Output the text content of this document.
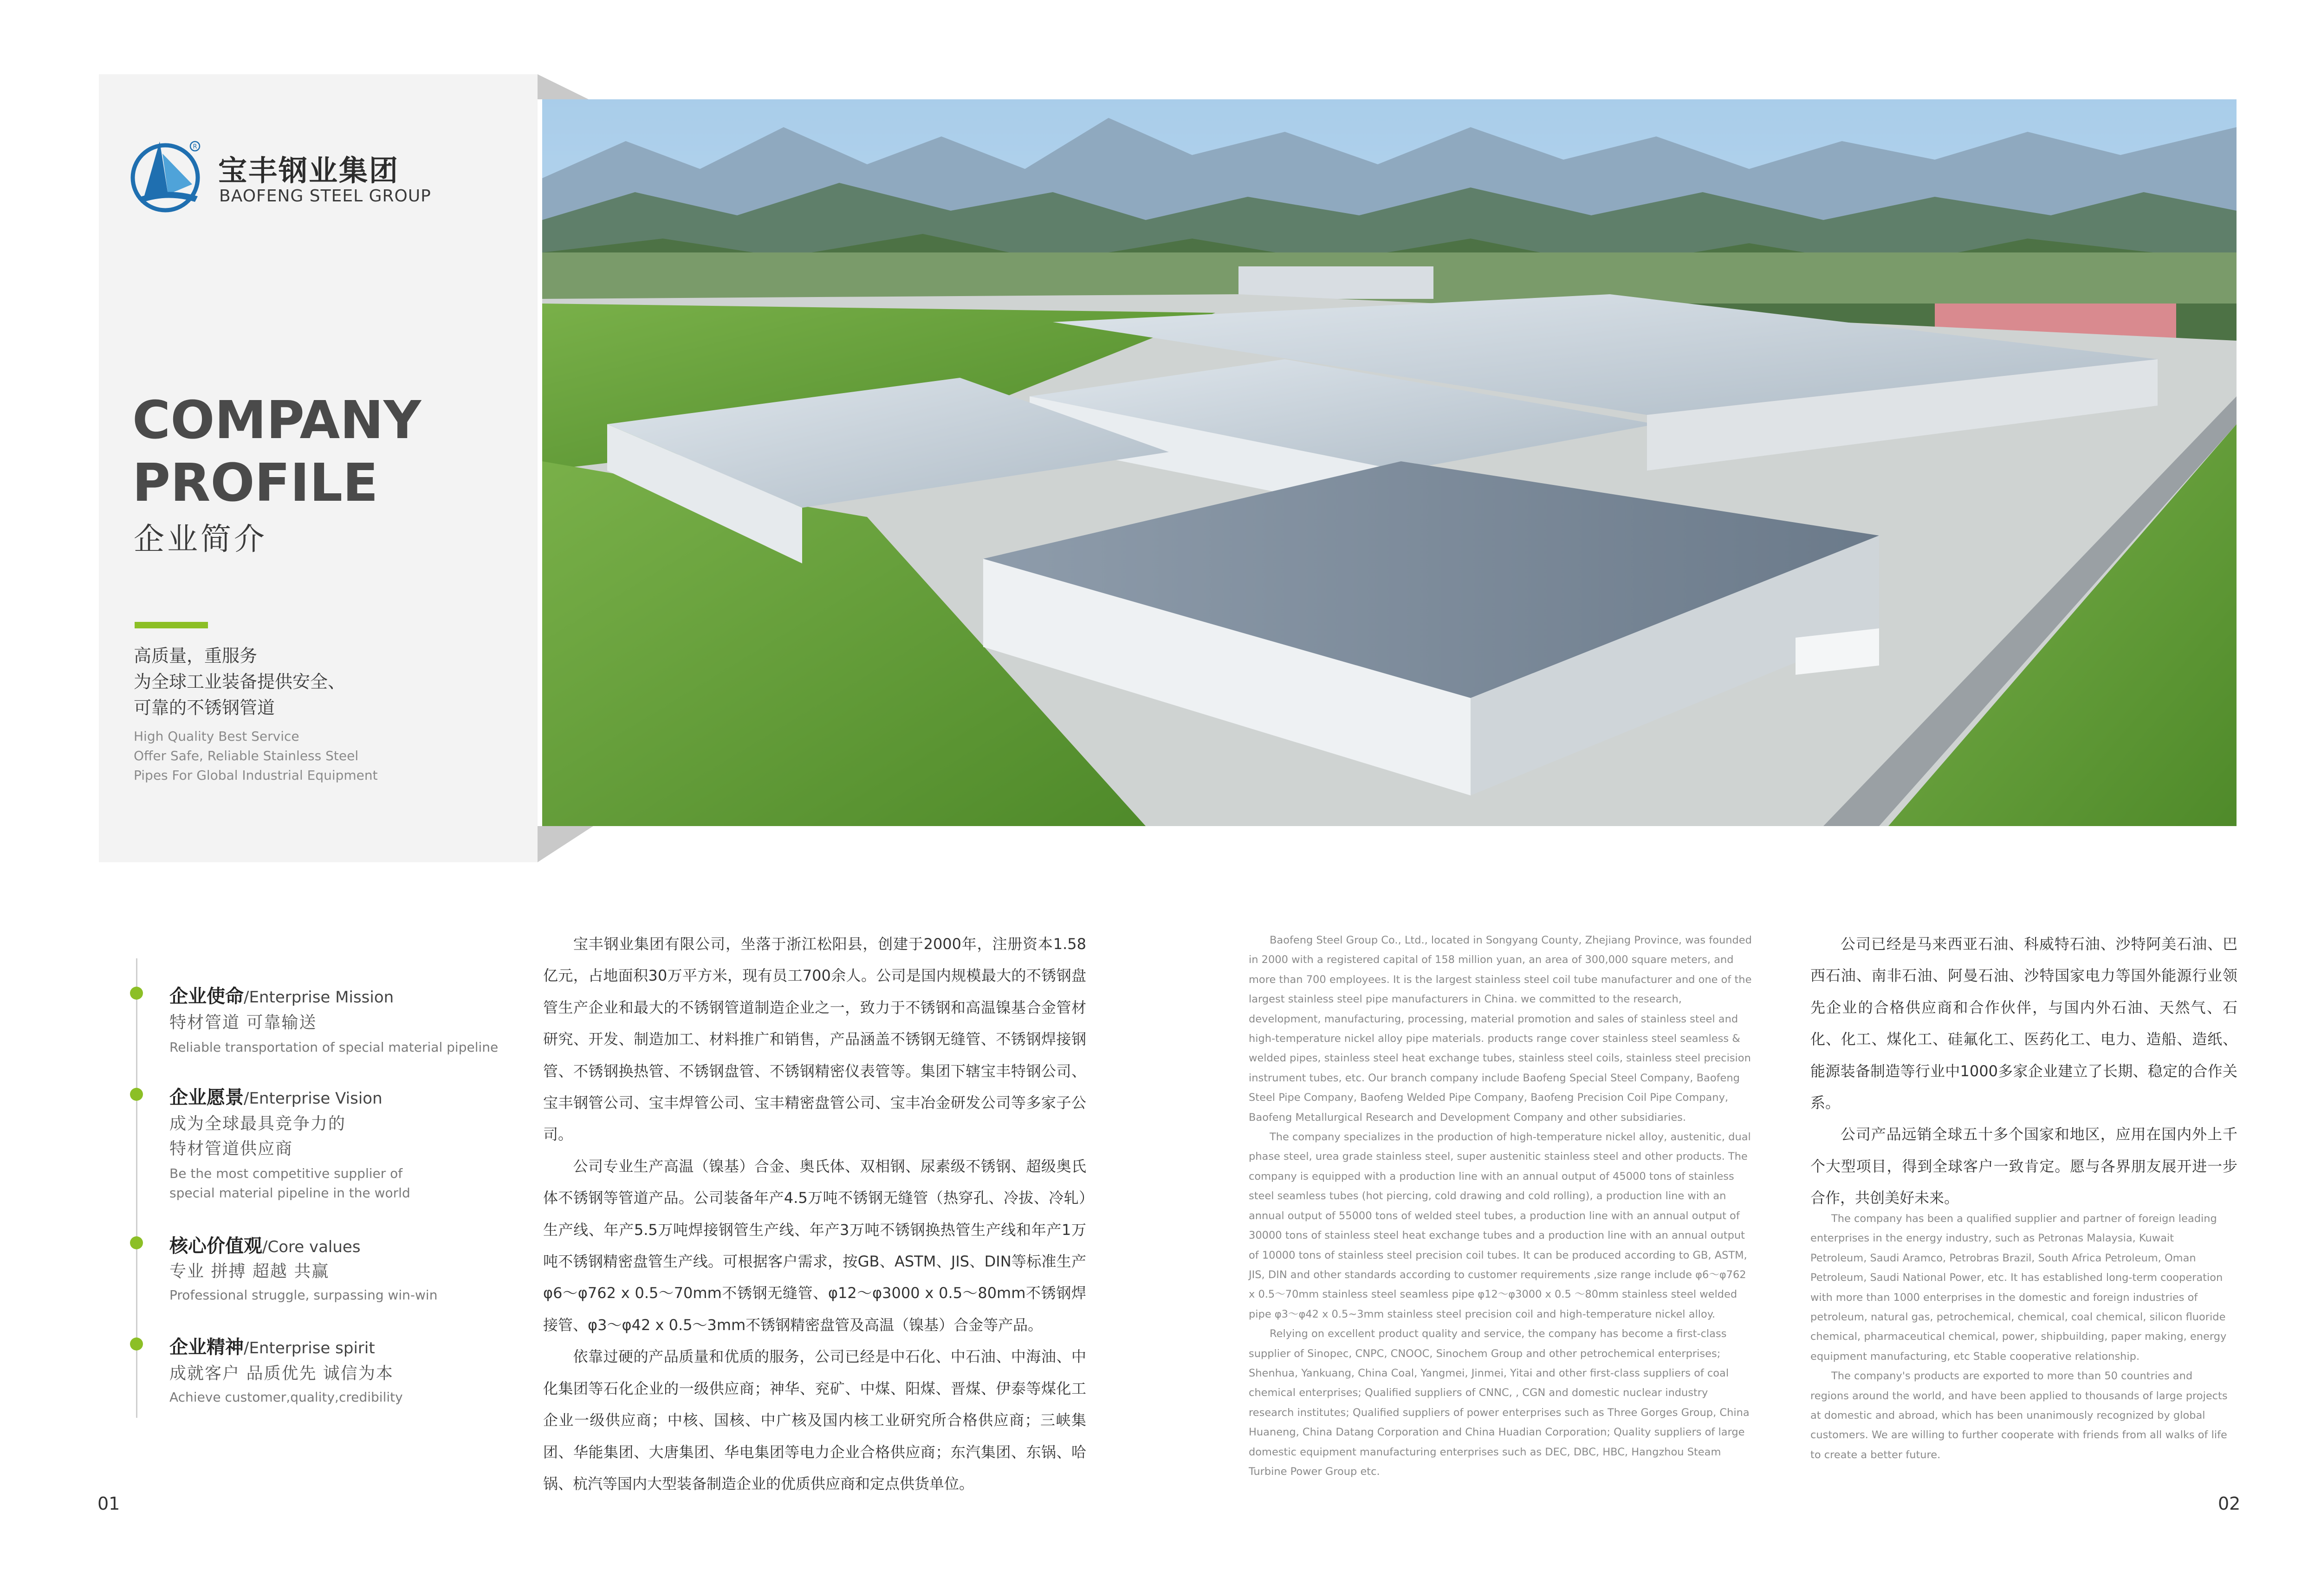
R
宝丰钢业集团
BAOFENG STEEL GROUP
COMPANY
PROFILE
企业简介
高质量，重服务
为全球工业装备提供安全、
可靠的不锈钢管道
High Quality Best Service
Offer Safe, Reliable Stainless Steel
Pipes For Global Industrial Equipment
企业使命/Enterprise Mission
特材管道 可靠输送
Reliable transportation of special material pipeline
企业愿景/Enterprise Vision
成为全球最具竞争力的
特材管道供应商
Be the most competitive supplier of
special material pipeline in the world
核心价值观/Core values
专业 拼搏 超越 共赢
Professional struggle, surpassing win-win
企业精神/Enterprise spirit
成就客户 品质优先 诚信为本
Achieve customer,quality,credibility
宝丰钢业集团有限公司，坐落于浙江松阳县，创建于2000年，注册资本1.58亿元，占地面积30万平方米，现有员工700余人。公司是国内规模最大的不锈钢盘管生产企业和最大的不锈钢管道制造企业之一，致力于不锈钢和高温镍基合金管材研究、开发、制造加工、材料推广和销售，产品涵盖不锈钢无缝管、不锈钢焊接钢管、不锈钢换热管、不锈钢盘管、不锈钢精密仪表管等。集团下辖宝丰特钢公司、宝丰钢管公司、宝丰焊管公司、宝丰精密盘管公司、宝丰冶金研发公司等多家子公司。
公司专业生产高温（镍基）合金、奥氏体、双相钢、尿素级不锈钢、超级奥氏体不锈钢等管道产品。公司装备年产4.5万吨不锈钢无缝管（热穿孔、冷拔、冷轧）生产线、年产5.5万吨焊接钢管生产线、年产3万吨不锈钢换热管生产线和年产1万吨不锈钢精密盘管生产线。可根据客户需求，按GB、ASTM、JIS、DIN等标准生产φ6～φ762 x 0.5～70mm不锈钢无缝管、φ12～φ3000 x 0.5～80mm不锈钢焊接管、φ3～φ42 x 0.5～3mm不锈钢精密盘管及高温（镍基）合金等产品。
依靠过硬的产品质量和优质的服务，公司已经是中石化、中石油、中海油、中化集团等石化企业的一级供应商；神华、兖矿、中煤、阳煤、晋煤、伊泰等煤化工企业一级供应商；中核、国核、中广核及国内核工业研究所合格供应商；三峡集团、华能集团、大唐集团、华电集团等电力企业合格供应商；东汽集团、东锅、哈锅、杭汽等国内大型装备制造企业的优质供应商和定点供货单位。
Baofeng Steel Group Co., Ltd., located in Songyang County, Zhejiang Province, was founded in 2000 with a registered capital of 158 million yuan, an area of 300,000 square meters, and more than 700 employees. It is the largest stainless steel coil tube manufacturer and one of the largest stainless steel pipe manufacturers in China. we committed to the research, development, manufacturing, processing, material promotion and sales of stainless steel and high-temperature nickel alloy pipe materials. products range cover stainless steel seamless & welded pipes, stainless steel heat exchange tubes, stainless steel coils, stainless steel precision instrument tubes, etc. Our branch company include Baofeng Special Steel Company, Baofeng Steel Pipe Company, Baofeng Welded Pipe Company, Baofeng Precision Coil Pipe Company, Baofeng Metallurgical Research and Development Company and other subsidiaries.
The company specializes in the production of high-temperature nickel alloy, austenitic, dual phase steel, urea grade stainless steel, super austenitic stainless steel and other products. The company is equipped with a production line with an annual output of 45000 tons of stainless steel seamless tubes (hot piercing, cold drawing and cold rolling), a production line with an annual output of 55000 tons of welded steel tubes, a production line with an annual output of 30000 tons of stainless steel heat exchange tubes and a production line with an annual output of 10000 tons of stainless steel precision coil tubes. It can be produced according to GB, ASTM, JIS, DIN and other standards according to customer requirements ,size range include φ6～φ762 x 0.5～70mm stainless steel seamless pipe φ12～φ3000 x 0.5 ～80mm stainless steel welded pipe φ3～φ42 x 0.5~3mm stainless steel precision coil and high-temperature nickel alloy.
Relying on excellent product quality and service, the company has become a first-class supplier of Sinopec, CNPC, CNOOC, Sinochem Group and other petrochemical enterprises; Shenhua, Yankuang, China Coal, Yangmei, Jinmei, Yitai and other first-class suppliers of coal chemical enterprises; Qualified suppliers of CNNC, , CGN and domestic nuclear industry research institutes; Qualified suppliers of power enterprises such as Three Gorges Group, China Huaneng, China Datang Corporation and China Huadian Corporation; Quality suppliers of large domestic equipment manufacturing enterprises such as DEC, DBC, HBC, Hangzhou Steam Turbine Power Group etc.
公司已经是马来西亚石油、科威特石油、沙特阿美石油、巴西石油、南非石油、阿曼石油、沙特国家电力等国外能源行业领先企业的合格供应商和合作伙伴，与国内外石油、天然气、石化、化工、煤化工、硅氟化工、医药化工、电力、造船、造纸、能源装备制造等行业中1000多家企业建立了长期、稳定的合作关系。
公司产品远销全球五十多个国家和地区，应用在国内外上千个大型项目，得到全球客户一致肯定。愿与各界朋友展开进一步合作，共创美好未来。
The company has been a qualified supplier and partner of foreign leading enterprises in the energy industry, such as Petronas Malaysia, Kuwait Petroleum, Saudi Aramco, Petrobras Brazil, South Africa Petroleum, Oman Petroleum, Saudi National Power, etc. It has established long-term cooperation with more than 1000 enterprises in the domestic and foreign industries of petroleum, natural gas, petrochemical, chemical, coal chemical, silicon fluoride chemical, pharmaceutical chemical, power, shipbuilding, paper making, energy equipment manufacturing, etc Stable cooperative relationship.
The company's products are exported to more than 50 countries and regions around the world, and have been applied to thousands of large projects at domestic and abroad, which has been unanimously recognized by global customers. We are willing to further cooperate with friends from all walks of life to create a better future.
01	02
